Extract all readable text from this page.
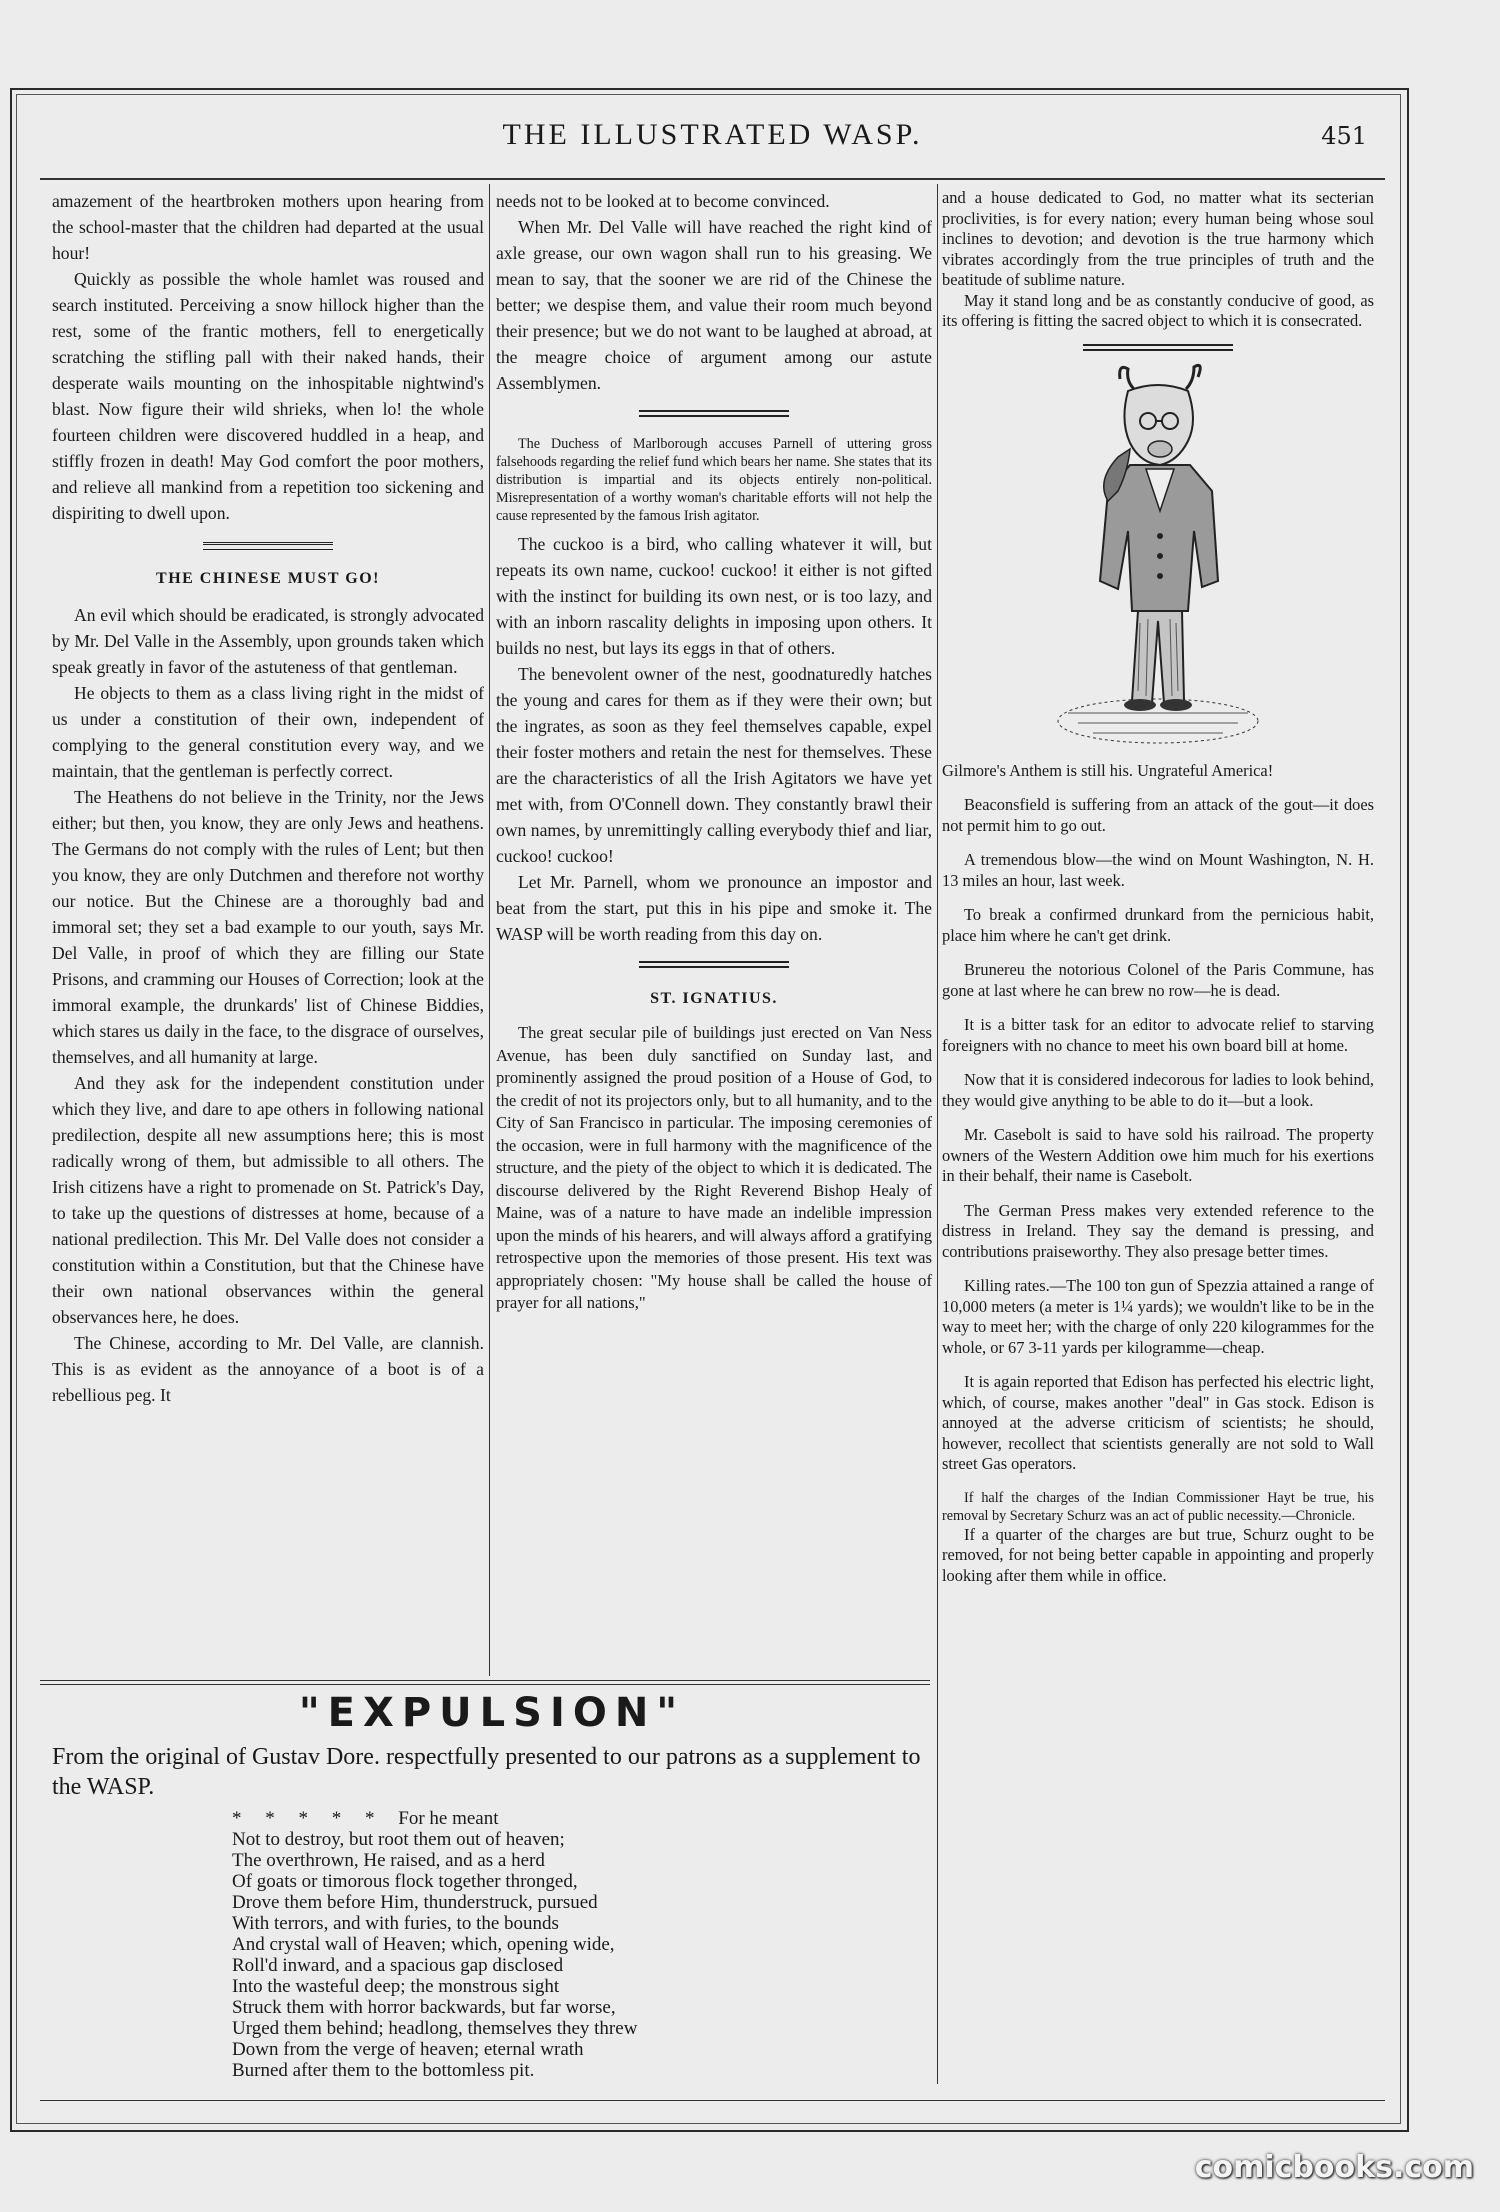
THE ILLUSTRATED WASP.	451

amazement of the heartbroken mothers upon hearing from the school-master that the children had departed at the usual hour!

Quickly as possible the whole hamlet was roused and search instituted. Perceiving a snow hillock higher than the rest, some of the frantic mothers, fell to energetically scratching the stifling pall with their naked hands, their desperate wails mounting on the inhospitable nightwind's blast. Now figure their wild shrieks, when lo! the whole fourteen children were discovered huddled in a heap, and stiffly frozen in death! May God comfort the poor mothers, and relieve all mankind from a repetition too sickening and dispiriting to dwell upon.

THE CHINESE MUST GO!

An evil which should be eradicated, is strongly advocated by Mr. Del Valle in the Assembly, upon grounds taken which speak greatly in favor of the astuteness of that gentleman.

He objects to them as a class living right in the midst of us under a constitution of their own, independent of complying to the general constitution every way, and we maintain, that the gentleman is perfectly correct.

The Heathens do not believe in the Trinity, nor the Jews either; but then, you know, they are only Jews and heathens. The Germans do not comply with the rules of Lent; but then you know, they are only Dutchmen and therefore not worthy our notice. But the Chinese are a thoroughly bad and immoral set; they set a bad example to our youth, says Mr. Del Valle, in proof of which they are filling our State Prisons, and cramming our Houses of Correction; look at the immoral example, the drunkards' list of Chinese Biddies, which stares us daily in the face, to the disgrace of ourselves, themselves, and all humanity at large.

And they ask for the independent constitution under which they live, and dare to ape others in following national predilection, despite all new assumptions here; this is most radically wrong of them, but admissible to all others. The Irish citizens have a right to promenade on St. Patrick's Day, to take up the questions of distresses at home, because of a national predilection. This Mr. Del Valle does not consider a constitution within a Constitution, but that the Chinese have their own national observances within the general observances here, he does.

The Chinese, according to Mr. Del Valle, are clannish. This is as evident as the annoyance of a boot is of a rebellious peg. It

needs not to be looked at to become convinced.

When Mr. Del Valle will have reached the right kind of axle grease, our own wagon shall run to his greasing. We mean to say, that the sooner we are rid of the Chinese the better; we despise them, and value their room much beyond their presence; but we do not want to be laughed at abroad, at the meagre choice of argument among our astute Assemblymen.

The Duchess of Marlborough accuses Parnell of uttering gross falsehoods regarding the relief fund which bears her name. She states that its distribution is impartial and its objects entirely non-political. Misrepresentation of a worthy woman's charitable efforts will not help the cause represented by the famous Irish agitator.

The cuckoo is a bird, who calling whatever it will, but repeats its own name, cuckoo! cuckoo! it either is not gifted with the instinct for building its own nest, or is too lazy, and with an inborn rascality delights in imposing upon others. It builds no nest, but lays its eggs in that of others.

The benevolent owner of the nest, goodnaturedly hatches the young and cares for them as if they were their own; but the ingrates, as soon as they feel themselves capable, expel their foster mothers and retain the nest for themselves. These are the characteristics of all the Irish Agitators we have yet met with, from O'Connell down. They constantly brawl their own names, by unremittingly calling everybody thief and liar, cuckoo! cuckoo!

Let Mr. Parnell, whom we pronounce an impostor and beat from the start, put this in his pipe and smoke it. The WASP will be worth reading from this day on.

ST. IGNATIUS.

The great secular pile of buildings just erected on Van Ness Avenue, has been duly sanctified on Sunday last, and prominently assigned the proud position of a House of God, to the credit of not its projectors only, but to all humanity, and to the City of San Francisco in particular. The imposing ceremonies of the occasion, were in full harmony with the magnificence of the structure, and the piety of the object to which it is dedicated. The discourse delivered by the Right Reverend Bishop Healy of Maine, was of a nature to have made an indelible impression upon the minds of his hearers, and will always afford a gratifying retrospective upon the memories of those present. His text was appropriately chosen: "My house shall be called the house of prayer for all nations,"

and a house dedicated to God, no matter what its secterian proclivities, is for every nation; every human being whose soul inclines to devotion; and devotion is the true harmony which vibrates accordingly from the true principles of truth and the beatitude of sublime nature.

May it stand long and be as constantly conducive of good, as its offering is fitting the sacred object to which it is consecrated.

Gilmore's Anthem is still his. Ungrateful America!

Beaconsfield is suffering from an attack of the gout—it does not permit him to go out.

A tremendous blow—the wind on Mount Washington, N. H. 13 miles an hour, last week.

To break a confirmed drunkard from the pernicious habit, place him where he can't get drink.

Brunereu the notorious Colonel of the Paris Commune, has gone at last where he can brew no row—he is dead.

It is a bitter task for an editor to advocate relief to starving foreigners with no chance to meet his own board bill at home.

Now that it is considered indecorous for ladies to look behind, they would give anything to be able to do it—but a look.

Mr. Casebolt is said to have sold his railroad. The property owners of the Western Addition owe him much for his exertions in their behalf, their name is Casebolt.

The German Press makes very extended reference to the distress in Ireland. They say the demand is pressing, and contributions praiseworthy. They also presage better times.

Killing rates.—The 100 ton gun of Spezzia attained a range of 10,000 meters (a meter is 1¼ yards); we wouldn't like to be in the way to meet her; with the charge of only 220 kilogrammes for the whole, or 67 3-11 yards per kilogramme—cheap.

It is again reported that Edison has perfected his electric light, which, of course, makes another "deal" in Gas stock. Edison is annoyed at the adverse criticism of scientists; he should, however, recollect that scientists generally are not sold to Wall street Gas operators.

If half the charges of the Indian Commissioner Hayt be true, his removal by Secretary Schurz was an act of public necessity.—Chronicle.

If a quarter of the charges are but true, Schurz ought to be removed, for not being better capable in appointing and properly looking after them while in office.

"EXPULSION"
From the original of Gustav Dore. respectfully presented to our patrons as a supplement to the WASP.
*     *     *     *     *     For he meant
Not to destroy, but root them out of heaven;
The overthrown, He raised, and as a herd
Of goats or timorous flock together thronged,
Drove them before Him, thunderstruck, pursued
With terrors, and with furies, to the bounds
And crystal wall of Heaven; which, opening wide,
Roll'd inward, and a spacious gap disclosed
Into the wasteful deep; the monstrous sight
Struck them with horror backwards, but far worse,
Urged them behind; headlong, themselves they threw
Down from the verge of heaven; eternal wrath
Burned after them to the bottomless pit.
comicbooks.com
